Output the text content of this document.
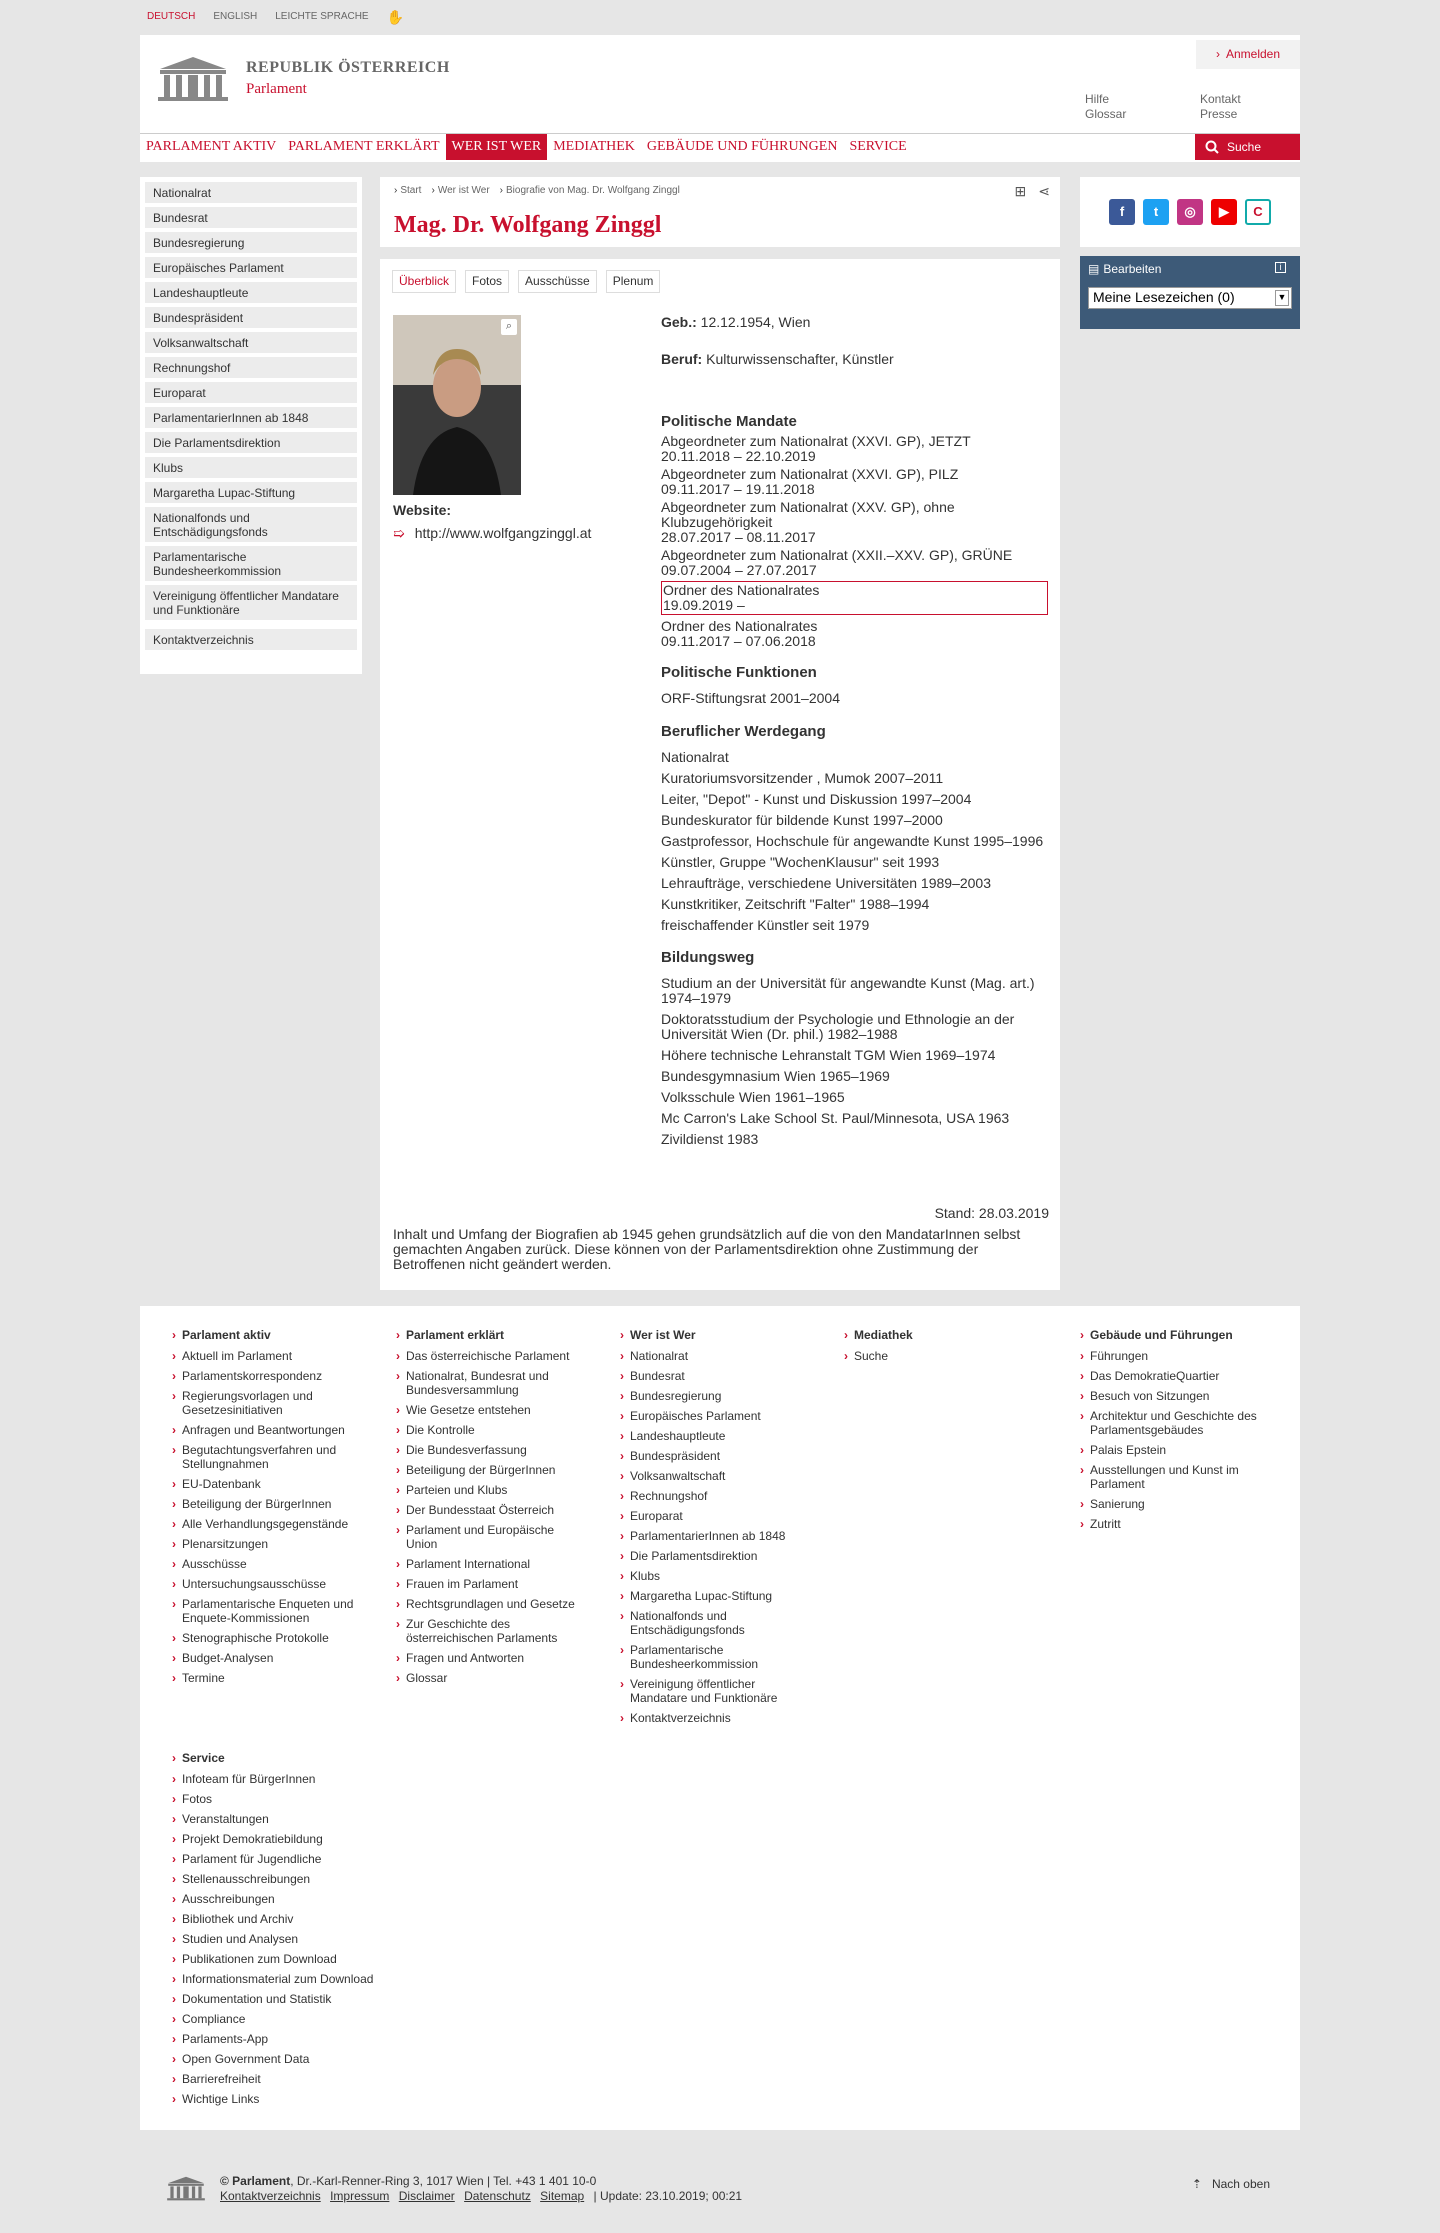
DEUTSCH ENGLISH LEICHTE SPRACHE ✋
REPUBLIK ÖSTERREICH
Parlament
› Anmelden
Hilfe
Glossar
Kontakt
Presse
PARLAMENT AKTIV PARLAMENT ERKLÄRT WER IST WER MEDIATHEK GEBÄUDE UND FÜHRUNGEN SERVICE	Suche
Nationalrat
Bundesrat
Bundesregierung
Europäisches Parlament
Landeshauptleute
Bundespräsident
Volksanwaltschaft
Rechnungshof
Europarat
ParlamentarierInnen ab 1848
Die Parlamentsdirektion
Klubs
Margaretha Lupac-Stiftung
Nationalfonds und Entschädigungsfonds
Parlamentarische Bundesheerkommission
Vereinigung öffentlicher Mandatare und Funktionäre
Kontaktverzeichnis
› Start	› Wer ist Wer	› Biografie von Mag. Dr. Wolfgang Zinggl	⊞ ⋖
Mag. Dr. Wolfgang Zinggl
Überblick	Fotos	Ausschüsse	Plenum
⌕
Website:
➯ http://www.wolfgangzinggl.at
Geb.: 12.12.1954, Wien
Beruf: Kulturwissenschafter, Künstler
Politische Mandate
Abgeordneter zum Nationalrat (XXVI. GP), JETZT
20.11.2018 – 22.10.2019
Abgeordneter zum Nationalrat (XXVI. GP), PILZ
09.11.2017 – 19.11.2018
Abgeordneter zum Nationalrat (XXV. GP), ohne Klubzugehörigkeit
28.07.2017 – 08.11.2017
Abgeordneter zum Nationalrat (XXII.–XXV. GP), GRÜNE
09.07.2004 – 27.07.2017
Ordner des Nationalrates
19.09.2019 –
Ordner des Nationalrates
09.11.2017 – 07.06.2018
Politische Funktionen
ORF-Stiftungsrat 2001–2004
Beruflicher Werdegang
Nationalrat
Kuratoriumsvorsitzender , Mumok 2007–2011
Leiter, "Depot" - Kunst und Diskussion 1997–2004
Bundeskurator für bildende Kunst 1997–2000
Gastprofessor, Hochschule für angewandte Kunst 1995–1996
Künstler, Gruppe "WochenKlausur" seit 1993
Lehraufträge, verschiedene Universitäten 1989–2003
Kunstkritiker, Zeitschrift "Falter" 1988–1994
freischaffender Künstler seit 1979
Bildungsweg
Studium an der Universität für angewandte Kunst (Mag. art.) 1974–1979
Doktoratsstudium der Psychologie und Ethnologie an der Universität Wien (Dr. phil.) 1982–1988
Höhere technische Lehranstalt TGM Wien 1969–1974
Bundesgymnasium Wien 1965–1969
Volksschule Wien 1961–1965
Mc Carron's Lake School St. Paul/Minnesota, USA 1963
Zivildienst 1983
Stand: 28.03.2019

Inhalt und Umfang der Biografien ab 1945 gehen grundsätzlich auf die von den MandatarInnen selbst gemachten Angaben zurück. Diese können von der Parlamentsdirektion ohne Zustimmung der Betroffenen nicht geändert werden.

f	t	◎	▶	C
▤ Bearbeiten	i
Meine Lesezeichen (0)	▼
› Parlament aktiv
› Aktuell im Parlament
› Parlamentskorrespondenz
› Regierungsvorlagen und Gesetzesinitiativen
› Anfragen und Beantwortungen
› Begutachtungsverfahren und Stellungnahmen
› EU-Datenbank
› Beteiligung der BürgerInnen
› Alle Verhandlungsgegenstände
› Plenarsitzungen
› Ausschüsse
› Untersuchungsausschüsse
› Parlamentarische Enqueten und Enquete-Kommissionen
› Stenographische Protokolle
› Budget-Analysen
› Termine
› Parlament erklärt
› Das österreichische Parlament
› Nationalrat, Bundesrat und Bundesversammlung
› Wie Gesetze entstehen
› Die Kontrolle
› Die Bundesverfassung
› Beteiligung der BürgerInnen
› Parteien und Klubs
› Der Bundesstaat Österreich
› Parlament und Europäische Union
› Parlament International
› Frauen im Parlament
› Rechtsgrundlagen und Gesetze
› Zur Geschichte des österreichischen Parlaments
› Fragen und Antworten
› Glossar
› Wer ist Wer
› Nationalrat
› Bundesrat
› Bundesregierung
› Europäisches Parlament
› Landeshauptleute
› Bundespräsident
› Volksanwaltschaft
› Rechnungshof
› Europarat
› ParlamentarierInnen ab 1848
› Die Parlamentsdirektion
› Klubs
› Margaretha Lupac-Stiftung
› Nationalfonds und Entschädigungsfonds
› Parlamentarische Bundesheerkommission
› Vereinigung öffentlicher Mandatare und Funktionäre
› Kontaktverzeichnis
› Mediathek
› Suche
› Gebäude und Führungen
› Führungen
› Das DemokratieQuartier
› Besuch von Sitzungen
› Architektur und Geschichte des Parlamentsgebäudes
› Palais Epstein
› Ausstellungen und Kunst im Parlament
› Sanierung
› Zutritt
› Service
› Infoteam für BürgerInnen
› Fotos
› Veranstaltungen
› Projekt Demokratiebildung
› Parlament für Jugendliche
› Stellenausschreibungen
› Ausschreibungen
› Bibliothek und Archiv
› Studien und Analysen
› Publikationen zum Download
› Informationsmaterial zum Download
› Dokumentation und Statistik
› Compliance
› Parlaments-App
› Open Government Data
› Barrierefreiheit
› Wichtige Links
© Parlament, Dr.-Karl-Renner-Ring 3, 1017 Wien | Tel. +43 1 401 10-0
Kontaktverzeichnis Impressum Disclaimer Datenschutz Sitemap | Update: 23.10.2019; 00:21
⇡ Nach oben
